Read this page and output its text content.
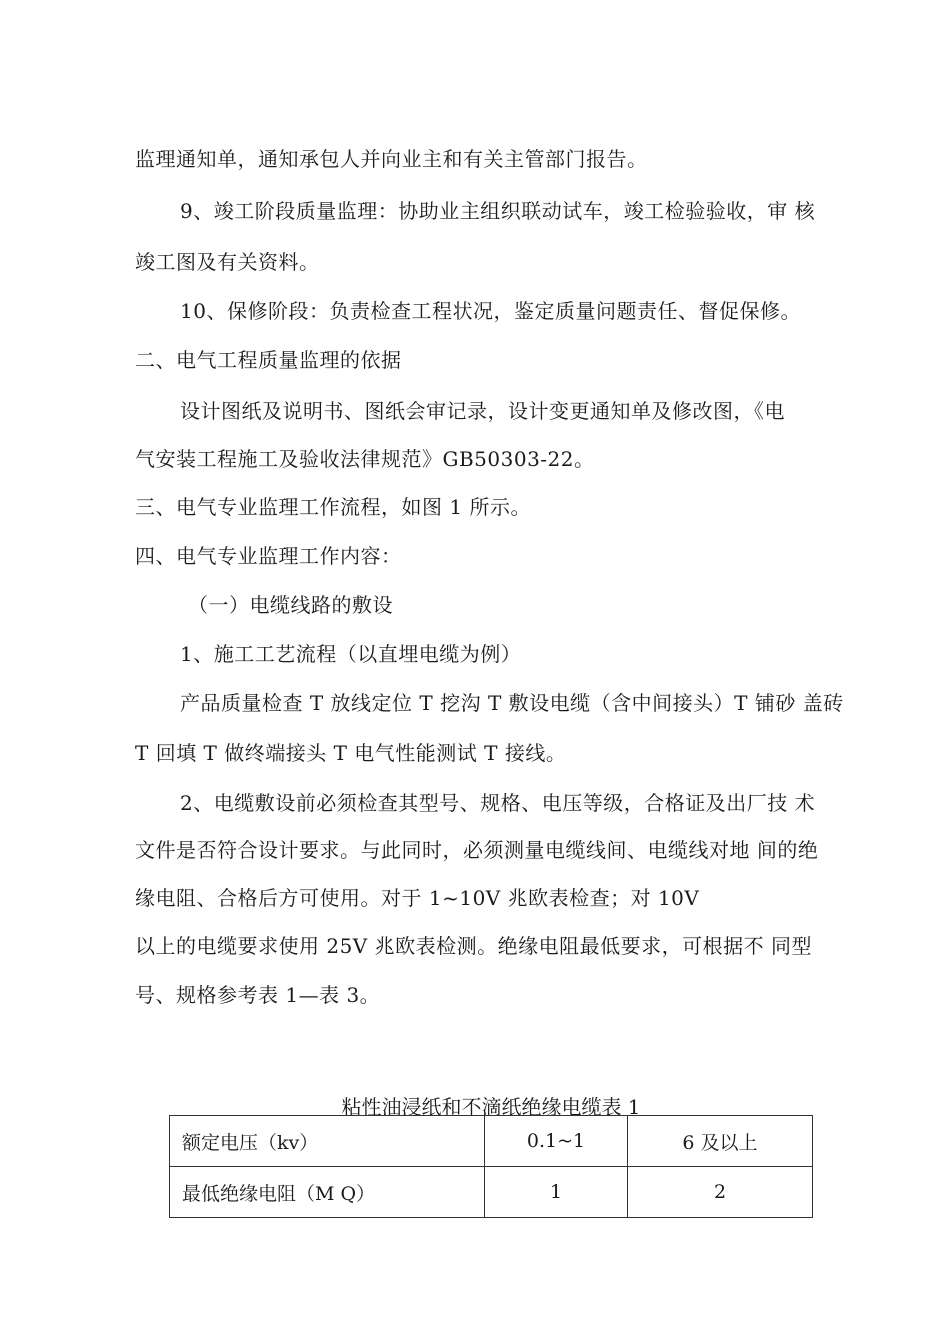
监理通知单，通知承包人并向业主和有关主管部门报告。
9、竣工阶段质量监理：协助业主组织联动试车，竣工检验验收，审 核
竣工图及有关资料。
10、保修阶段：负责检查工程状况，鉴定质量问题责任、督促保修。
二、电气工程质量监理的依据
设计图纸及说明书、图纸会审记录，设计变更通知单及修改图，《电
气安装工程施工及验收法律规范》GB50303-22。
三、电气专业监理工作流程，如图 1 所示。
四、电气专业监理工作内容：
（一）电缆线路的敷设
1、施工工艺流程（以直埋电缆为例）
产品质量检查 T 放线定位 T 挖沟 T 敷设电缆（含中间接头）T 铺砂 盖砖
T 回填 T 做终端接头 T 电气性能测试 T 接线。
2、电缆敷设前必须检查其型号、规格、电压等级，合格证及出厂技 术
文件是否符合设计要求。与此同时，必须测量电缆线间、电缆线对地 间的绝
缘电阻、合格后方可使用。对于 1~10V 兆欧表检查；对 10V
以上的电缆要求使用 25V 兆欧表检测。绝缘电阻最低要求，可根据不 同型
号、规格参考表 1—表 3。
粘性油浸纸和不滴纸绝缘电缆表 1
额定电压（kv）	0.1~1	6 及以上
最低绝缘电阻（M Q）	1	2
